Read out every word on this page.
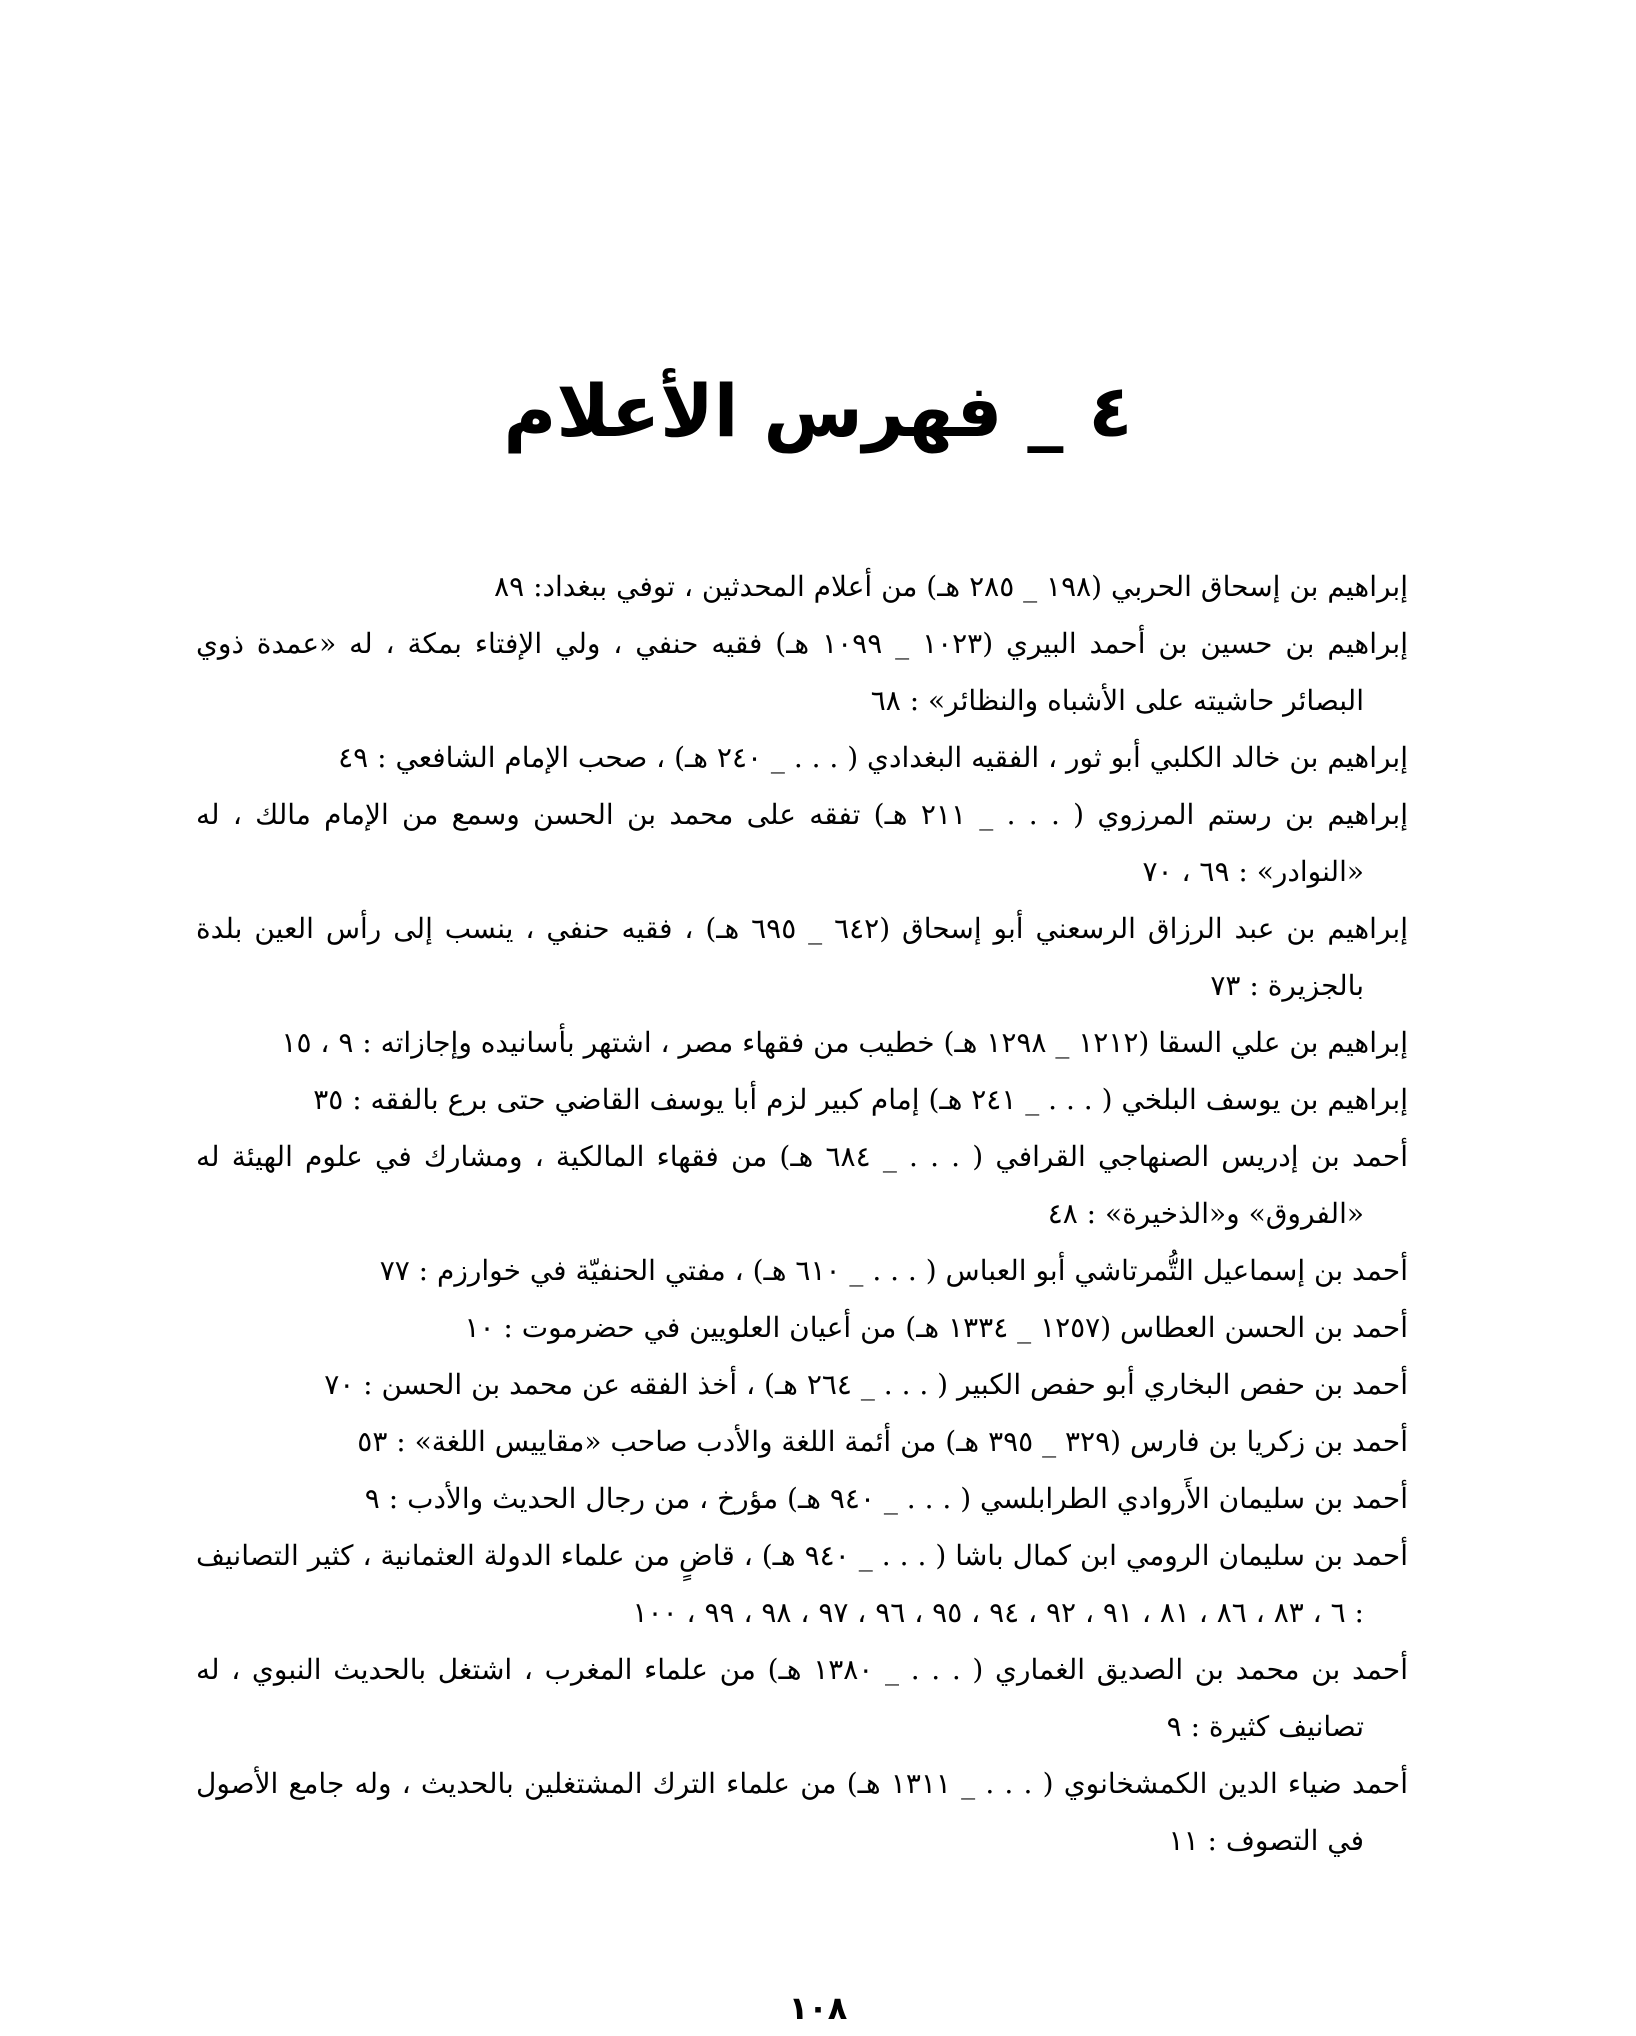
٤ _ فهرس الأعلام

إبراهيم بن إسحاق الحربي (١٩٨ _ ٢٨٥ هـ) من أعلام المحدثين ، توفي ببغداد: ٨٩

إبراهيم بن حسين بن أحمد البيري (١٠٢٣ _ ١٠٩٩ هـ) فقيه حنفي ، ولي الإفتاء بمكة ، له «عمدة ذوي البصائر حاشيته على الأشباه والنظائر» : ٦٨

إبراهيم بن خالد الكلبي أبو ثور ، الفقيه البغدادي ( . . . _ ٢٤٠ هـ) ، صحب الإمام الشافعي : ٤٩

إبراهيم بن رستم المرزوي ( . . . _ ٢١١ هـ) تفقه على محمد بن الحسن وسمع من الإمام مالك ، له «النوادر» : ٦٩ ، ٧٠

إبراهيم بن عبد الرزاق الرسعني أبو إسحاق (٦٤٢ _ ٦٩٥ هـ) ، فقيه حنفي ، ينسب إلى رأس العين بلدة بالجزيرة : ٧٣

إبراهيم بن علي السقا (١٢١٢ _ ١٢٩٨ هـ) خطيب من فقهاء مصر ، اشتهر بأسانيده وإجازاته : ٩ ، ١٥

إبراهيم بن يوسف البلخي ( . . . _ ٢٤١ هـ) إمام كبير لزم أبا يوسف القاضي حتى برع بالفقه : ٣٥

أحمد بن إدريس الصنهاجي القرافي ( . . . _ ٦٨٤ هـ) من فقهاء المالكية ، ومشارك في علوم الهيئة له «الفروق» و«الذخيرة» : ٤٨

أحمد بن إسماعيل التُّمرتاشي أبو العباس ( . . . _ ٦١٠ هـ) ، مفتي الحنفيّة في خوارزم : ٧٧

أحمد بن الحسن العطاس (١٢٥٧ _ ١٣٣٤ هـ) من أعيان العلويين في حضرموت : ١٠

أحمد بن حفص البخاري أبو حفص الكبير ( . . . _ ٢٦٤ هـ) ، أخذ الفقه عن محمد بن الحسن : ٧٠

أحمد بن زكريا بن فارس (٣٢٩ _ ٣٩٥ هـ) من أئمة اللغة والأدب صاحب «مقاييس اللغة» : ٥٣

أحمد بن سليمان الأَروادي الطرابلسي ( . . . _ ٩٤٠ هـ) مؤرخ ، من رجال الحديث والأدب : ٩

أحمد بن سليمان الرومي ابن كمال باشا ( . . . _ ٩٤٠ هـ) ، قاضٍ من علماء الدولة العثمانية ، كثير التصانيف : ٦ ، ٨٣ ، ٨٦ ، ٨١ ، ٩١ ، ٩٢ ، ٩٤ ، ٩٥ ، ٩٦ ، ٩٧ ، ٩٨ ، ٩٩ ، ١٠٠

أحمد بن محمد بن الصديق الغماري ( . . . _ ١٣٨٠ هـ) من علماء المغرب ، اشتغل بالحديث النبوي ، له تصانيف كثيرة : ٩

أحمد ضياء الدين الكمشخانوي ( . . . _ ١٣١١ هـ) من علماء الترك المشتغلين بالحديث ، وله جامع الأصول في التصوف : ١١

١٠٨
